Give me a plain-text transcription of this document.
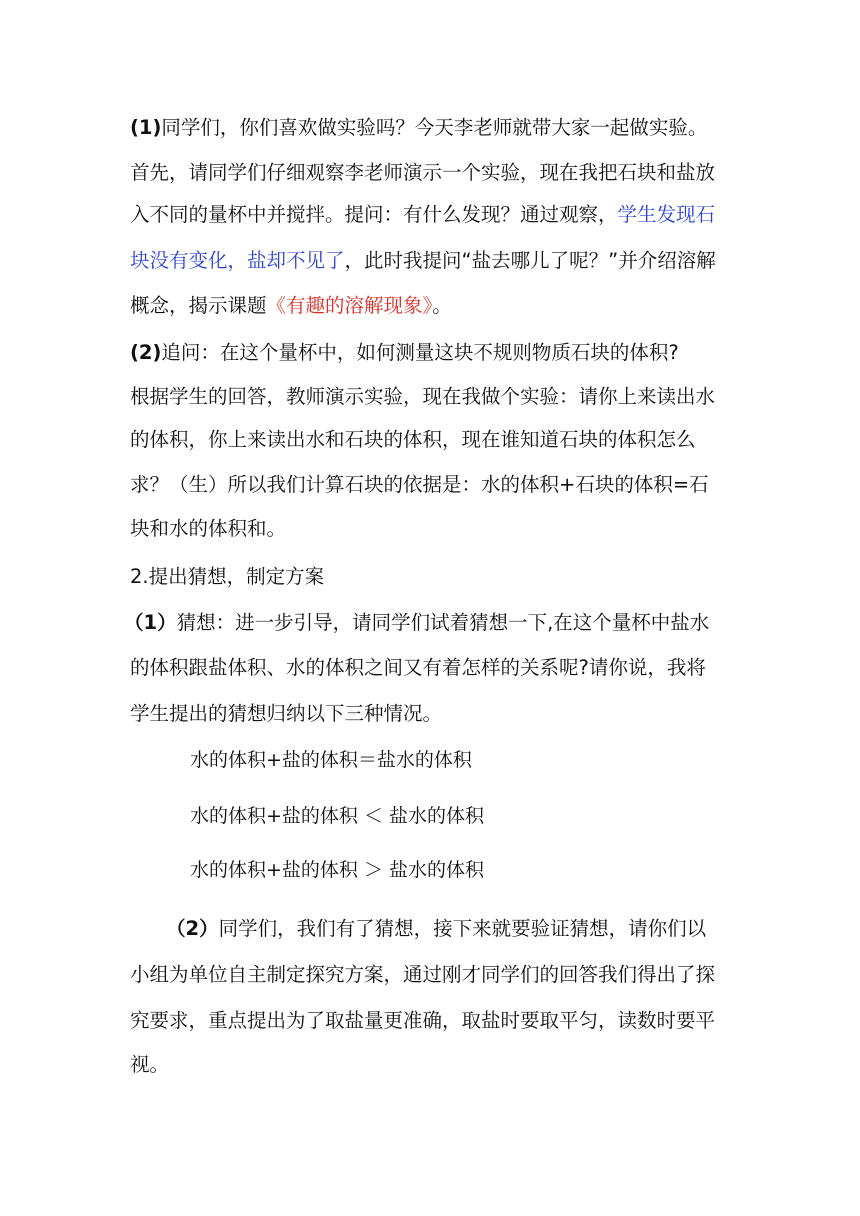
(1)同学们，你们喜欢做实验吗？今天李老师就带大家一起做实验。
首先，请同学们仔细观察李老师演示一个实验，现在我把石块和盐放
入不同的量杯中并搅拌。提问：有什么发现？通过观察，学生发现石
块没有变化，盐却不见了，此时我提问“盐去哪儿了呢？”并介绍溶解
概念，揭示课题《有趣的溶解现象》。
(2)追问：在这个量杯中，如何测量这块不规则物质石块的体积?
根据学生的回答，教师演示实验，现在我做个实验：请你上来读出水
的体积，你上来读出水和石块的体积，现在谁知道石块的体积怎么
求？（生）所以我们计算石块的依据是：水的体积+石块的体积=石
块和水的体积和。
2.提出猜想，制定方案
（1）猜想：进一步引导，请同学们试着猜想一下,在这个量杯中盐水
的体积跟盐体积、水的体积之间又有着怎样的关系呢?请你说，我将
学生提出的猜想归纳以下三种情况。
水的体积+盐的体积＝盐水的体积
水的体积+盐的体积 ＜ 盐水的体积
水的体积+盐的体积 ＞ 盐水的体积
（2）同学们，我们有了猜想，接下来就要验证猜想，请你们以
小组为单位自主制定探究方案，通过刚才同学们的回答我们得出了探
究要求，重点提出为了取盐量更准确，取盐时要取平匀，读数时要平
视。
